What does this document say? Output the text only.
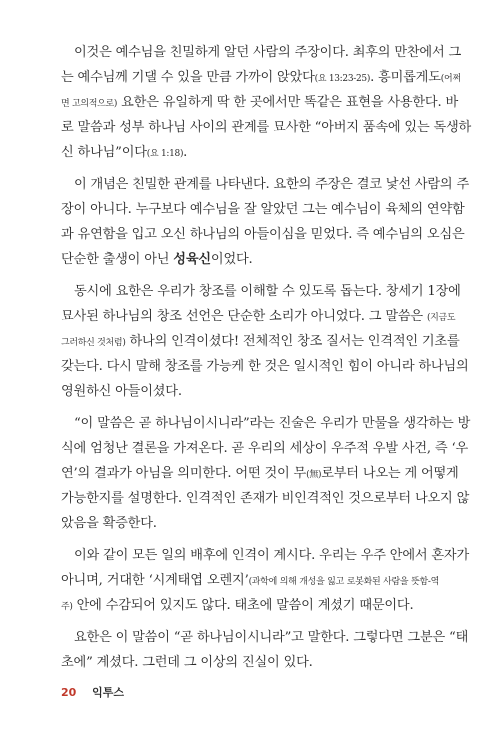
이것은 예수님을 친밀하게 알던 사람의 주장이다. 최후의 만찬에서 그
는 예수님께 기댈 수 있을 만큼 가까이 앉았다(요 13:23-25). 흥미롭게도(어쩌
면 고의적으로) 요한은 유일하게 딱 한 곳에서만 똑같은 표현을 사용한다. 바
로 말씀과 성부 하나님 사이의 관계를 묘사한 “아버지 품속에 있는 독생하
신 하나님”이다(요 1:18).
이 개념은 친밀한 관계를 나타낸다. 요한의 주장은 결코 낯선 사람의 주
장이 아니다. 누구보다 예수님을 잘 알았던 그는 예수님이 육체의 연약함
과 유연함을 입고 오신 하나님의 아들이심을 믿었다. 즉 예수님의 오심은
단순한 출생이 아닌 성육신이었다.
동시에 요한은 우리가 창조를 이해할 수 있도록 돕는다. 창세기 1장에
묘사된 하나님의 창조 선언은 단순한 소리가 아니었다. 그 말씀은 (지금도
그러하신 것처럼) 하나의 인격이셨다! 전체적인 창조 질서는 인격적인 기초를
갖는다. 다시 말해 창조를 가능케 한 것은 일시적인 힘이 아니라 하나님의
영원하신 아들이셨다.
“이 말씀은 곧 하나님이시니라”라는 진술은 우리가 만물을 생각하는 방
식에 엄청난 결론을 가져온다. 곧 우리의 세상이 우주적 우발 사건, 즉 ‘우
연’의 결과가 아님을 의미한다. 어떤 것이 무(無)로부터 나오는 게 어떻게
가능한지를 설명한다. 인격적인 존재가 비인격적인 것으로부터 나오지 않
았음을 확증한다.
이와 같이 모든 일의 배후에 인격이 계시다. 우리는 우주 안에서 혼자가
아니며, 거대한 ‘시계태엽 오렌지’(과학에 의해 개성을 잃고 로봇화된 사람을 뜻함-역
주) 안에 수감되어 있지도 않다. 태초에 말씀이 계셨기 때문이다.
요한은 이 말씀이 “곧 하나님이시니라”고 말한다. 그렇다면 그분은 “태
초에” 계셨다. 그런데 그 이상의 진실이 있다.
20 익투스
